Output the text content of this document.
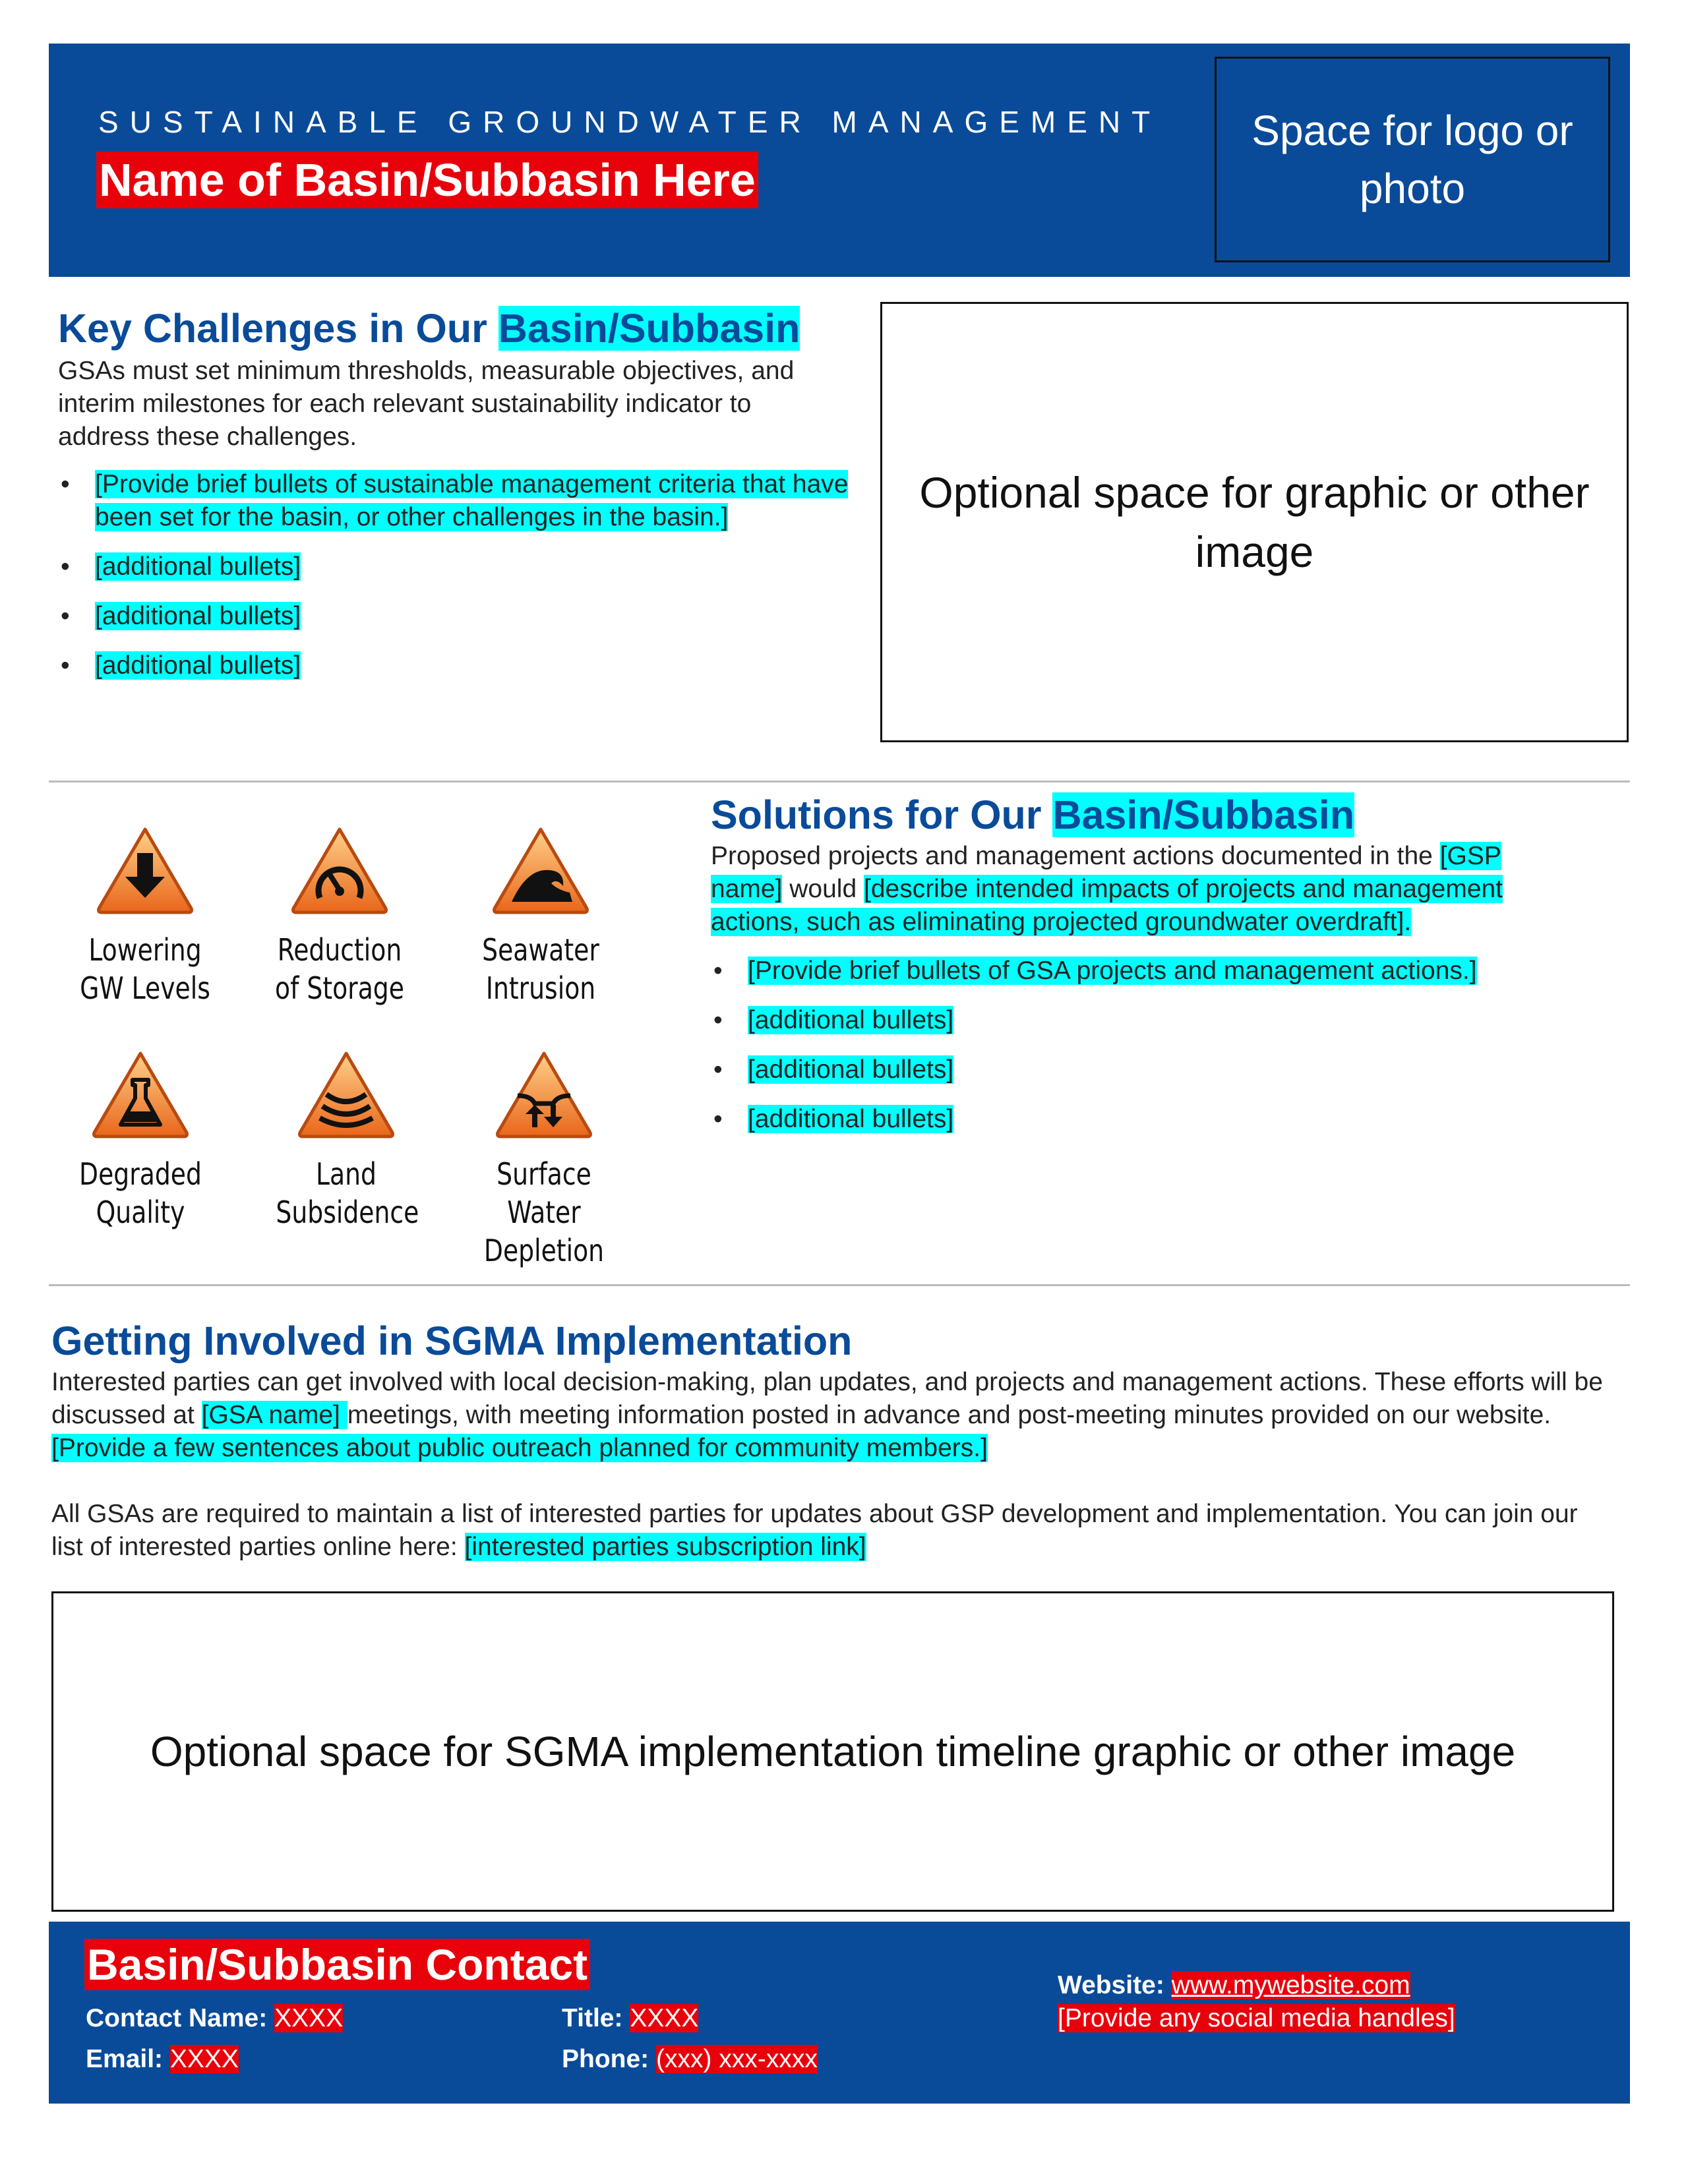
SUSTAINABLE GROUNDWATER MANAGEMENT
Name of Basin/Subbasin Here
Space for logo or photo
Key Challenges in Our Basin/Subbasin
GSAs must set minimum thresholds, measurable objectives, and interim milestones for each relevant sustainability indicator to address these challenges.
• [Provide brief bullets of sustainable management criteria that have been set for the basin, or other challenges in the basin.]
• [additional bullets]
• [additional bullets]
• [additional bullets]
Optional space for graphic or other image
Lowering
GW Levels
Reduction
of Storage
Seawater
Intrusion
Degraded
Quality
Land
Subsidence
Surface Water
Depletion
Solutions for Our Basin/Subbasin
Proposed projects and management actions documented in the [GSP name] would [describe intended impacts of projects and management actions, such as eliminating projected groundwater overdraft].
• [Provide brief bullets of GSA projects and management actions.]
• [additional bullets]
• [additional bullets]
• [additional bullets]
Getting Involved in SGMA Implementation
Interested parties can get involved with local decision-making, plan updates, and projects and management actions. These efforts will be discussed at [GSA name] meetings, with meeting information posted in advance and post-meeting minutes provided on our website. [Provide a few sentences about public outreach planned for community members.]
All GSAs are required to maintain a list of interested parties for updates about GSP development and implementation. You can join our list of interested parties online here: [interested parties subscription link]
Optional space for SGMA implementation timeline graphic or other image
Basin/Subbasin Contact
Contact Name: XXXX
Email: XXXX
Title: XXXX
Phone: (xxx) xxx-xxxx
Website: www.mywebsite.com
[Provide any social media handles]
